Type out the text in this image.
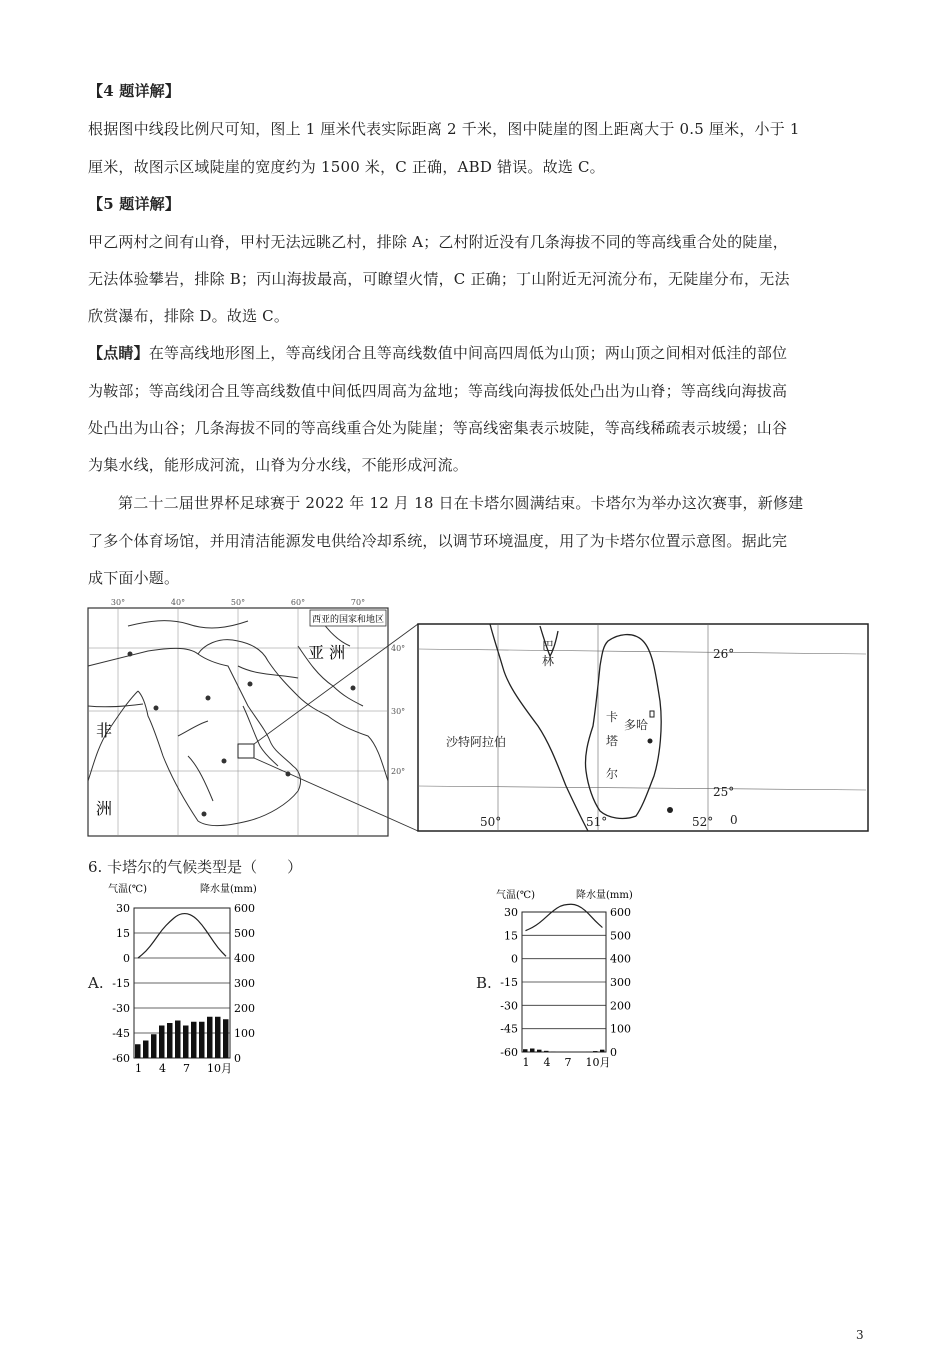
【4 题详解】
根据图中线段比例尺可知，图上 1 厘米代表实际距离 2 千米，图中陡崖的图上距离大于 0.5 厘米，小于 1
厘米，故图示区域陡崖的宽度约为 1500 米，C 正确，ABD 错误。故选 C。
【5 题详解】
甲乙两村之间有山脊，甲村无法远眺乙村，排除 A；乙村附近没有几条海拔不同的等高线重合处的陡崖，
无法体验攀岩，排除 B；丙山海拔最高，可瞭望火情，C 正确；丁山附近无河流分布，无陡崖分布，无法
欣赏瀑布，排除 D。故选 C。
【点睛】在等高线地形图上，等高线闭合且等高线数值中间高四周低为山顶；两山顶之间相对低洼的部位
为鞍部；等高线闭合且等高线数值中间低四周高为盆地；等高线向海拔低处凸出为山脊；等高线向海拔高
处凸出为山谷；几条海拔不同的等高线重合处为陡崖；等高线密集表示坡陡，等高线稀疏表示坡缓；山谷
为集水线，能形成河流，山脊为分水线，不能形成河流。
第二十二届世界杯足球赛于 2022 年 12 月 18 日在卡塔尔圆满结束。卡塔尔为举办这次赛事，新修建
了多个体育场馆，并用清洁能源发电供给冷却系统，以调节环境温度，用了为卡塔尔位置示意图。据此完
成下面小题。
西亚的国家和地区
30°	40°	50°	60°	70°
40°
30°
20°
亚 洲
非
洲
巴
林
沙特阿拉伯
卡
塔
尔
多哈
26°
25°
50°	51°	52° 0
6. 卡塔尔的气候类型是（　　）
A.	B.
气温(℃)	降水量(mm)
30	600
15	500
0	400
-15	300
-30	200
-45	100
-60	0
1 4 7 10月
气温(℃)	降水量(mm)
30	600
15	500
0	400
-15	300
-30	200
-45	100
-60	0
1 4 7 10月
3
